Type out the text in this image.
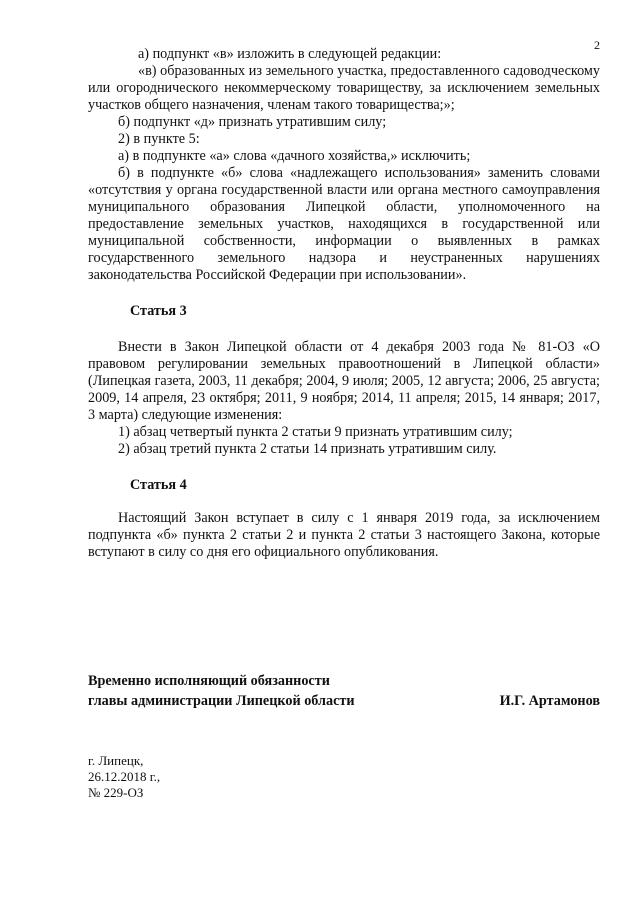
2

а) подпункт «в» изложить в следующей редакции:

«в) образованных из земельного участка, предоставленного садоводческому или огороднического некоммерческому товариществу, за исключением земельных участков общего назначения, членам такого товарищества;»;

б) подпункт «д» признать утратившим силу;

2) в пункте 5:

а) в подпункте «а» слова «дачного хозяйства,» исключить;

б) в подпункте «б» слова «надлежащего использования» заменить словами «отсутствия у органа государственной власти или органа местного самоуправления муниципального образования Липецкой области, уполномоченного на предоставление земельных участков, находящихся в государственной или муниципальной собственности, информации о выявленных в рамках государственного земельного надзора и неустраненных нарушениях законодательства Российской Федерации при использовании».

Статья 3

Внести в Закон Липецкой области от 4 декабря 2003 года № 81-ОЗ «О правовом регулировании земельных правоотношений в Липецкой области» (Липецкая газета, 2003, 11 декабря; 2004, 9 июля; 2005, 12 августа; 2006, 25 августа; 2009, 14 апреля, 23 октября; 2011, 9 ноября; 2014, 11 апреля; 2015, 14 января; 2017, 3 марта) следующие изменения:

1) абзац четвертый пункта 2 статьи 9 признать утратившим силу;

2) абзац третий пункта 2 статьи 14 признать утратившим силу.

Статья 4

Настоящий Закон вступает в силу с 1 января 2019 года, за исключением подпункта «б» пункта 2 статьи 2 и пункта 2 статьи 3 настоящего Закона, которые вступают в силу со дня его официального опубликования.

Временно исполняющий обязанности
главы администрации Липецкой области	И.Г. Артамонов
г. Липецк,
26.12.2018 г.,
№ 229-ОЗ
